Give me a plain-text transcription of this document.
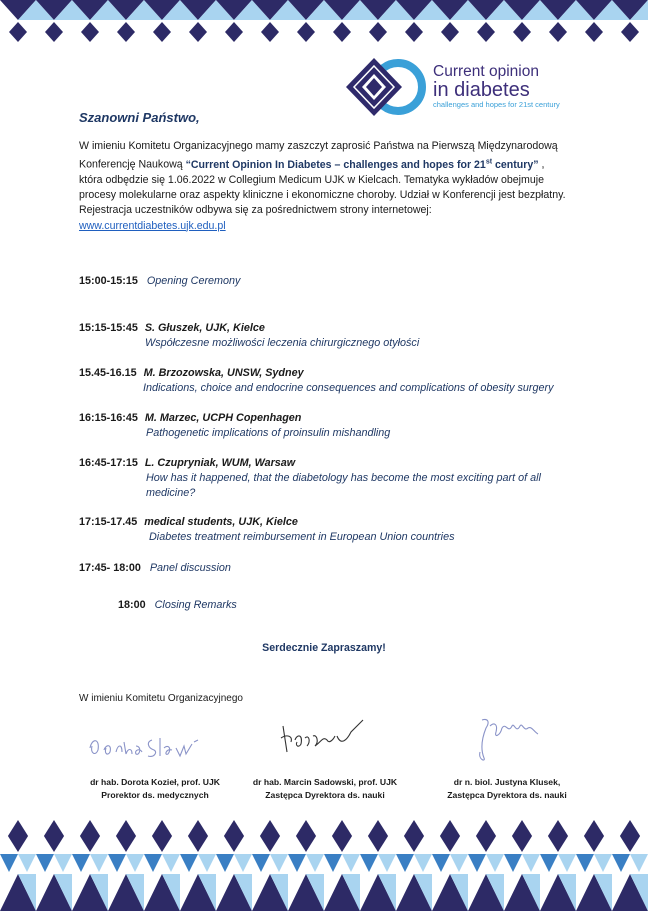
Current opinion
in diabetes
challenges and hopes for 21st century
Szanowni Państwo,
W imieniu Komitetu Organizacyjnego mamy zaszczyt zaprosić Państwa na Pierwszą Międzynarodową Konferencję Naukową “Current Opinion In Diabetes – challenges and hopes for 21st century” , która odbędzie się 1.06.2022 w Collegium Medicum UJK w Kielcach. Tematyka wykładów obejmuje procesy molekularne oraz aspekty kliniczne i ekonomiczne choroby. Udział w Konferencji jest bezpłatny. Rejestracja uczestników odbywa się za pośrednictwem strony internetowej:
www.currentdiabetes.ujk.edu.pl
15:00-15:15 Opening Ceremony
15:15-15:45 S. Głuszek, UJK, Kielce
Współczesne możliwości leczenia chirurgicznego otyłości
15.45-16.15 M. Brzozowska, UNSW, Sydney
Indications, choice and endocrine consequences and complications of obesity surgery
16:15-16:45 M. Marzec, UCPH Copenhagen
Pathogenetic implications of proinsulin mishandling
16:45-17:15 L. Czupryniak, WUM, Warsaw

How has it happened, that the diabetology has become the most exciting part of all medicine?
17:15-17.45 medical students, UJK, Kielce
Diabetes treatment reimbursement in European Union countries
17:45- 18:00 Panel discussion
18:00 Closing Remarks
Serdecznie Zapraszamy!
W imieniu Komitetu Organizacyjnego
dr hab. Dorota Kozieł, prof. UJK
Prorektor ds. medycznych
dr hab. Marcin Sadowski, prof. UJK
Zastępca Dyrektora ds. nauki
dr n. biol. Justyna Klusek,
Zastępca Dyrektora ds. nauki
